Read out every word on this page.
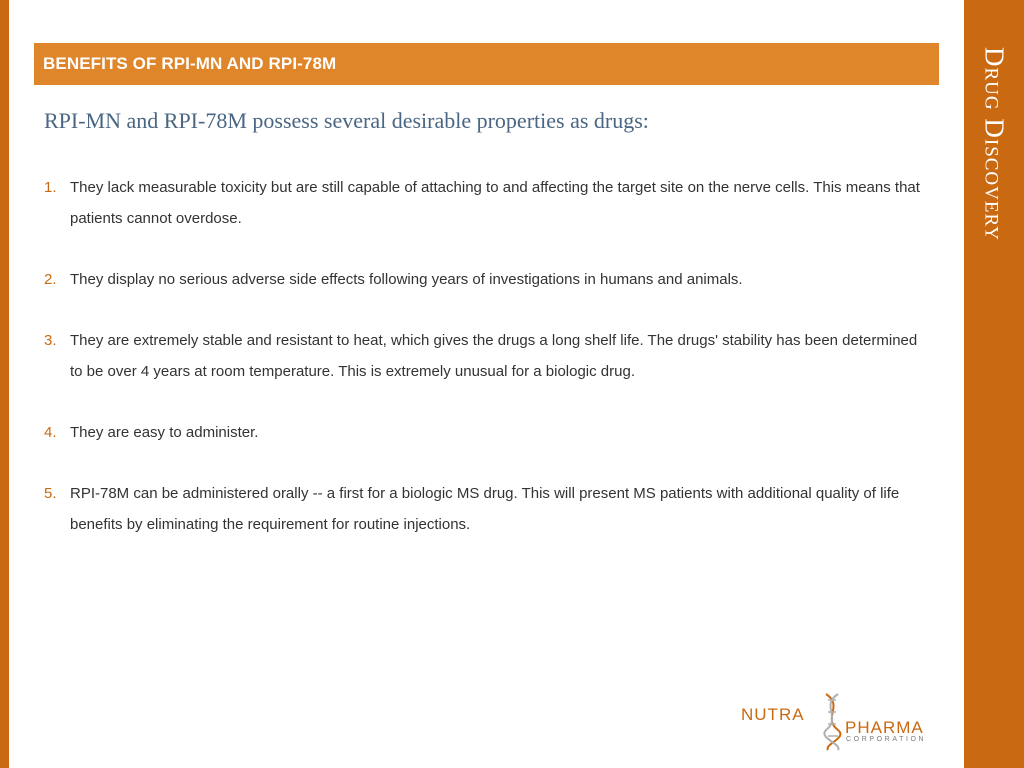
Drug Discovery
BENEFITS OF RPI-MN AND RPI-78M
RPI-MN and RPI-78M possess several desirable properties as drugs:
1. They lack measurable toxicity but are still capable of attaching to and affecting the target site on the nerve cells. This means that patients cannot overdose.
2. They display no serious adverse side effects following years of investigations in humans and animals.
3. They are extremely stable and resistant to heat, which gives the drugs a long shelf life. The drugs' stability has been determined to be over 4 years at room temperature. This is extremely unusual for a biologic drug.
4. They are easy to administer.
5. RPI-78M can be administered orally -- a first for a biologic MS drug. This will present MS patients with additional quality of life benefits by eliminating the requirement for routine injections.
NUTRA
PHARMA
CORPORATION
